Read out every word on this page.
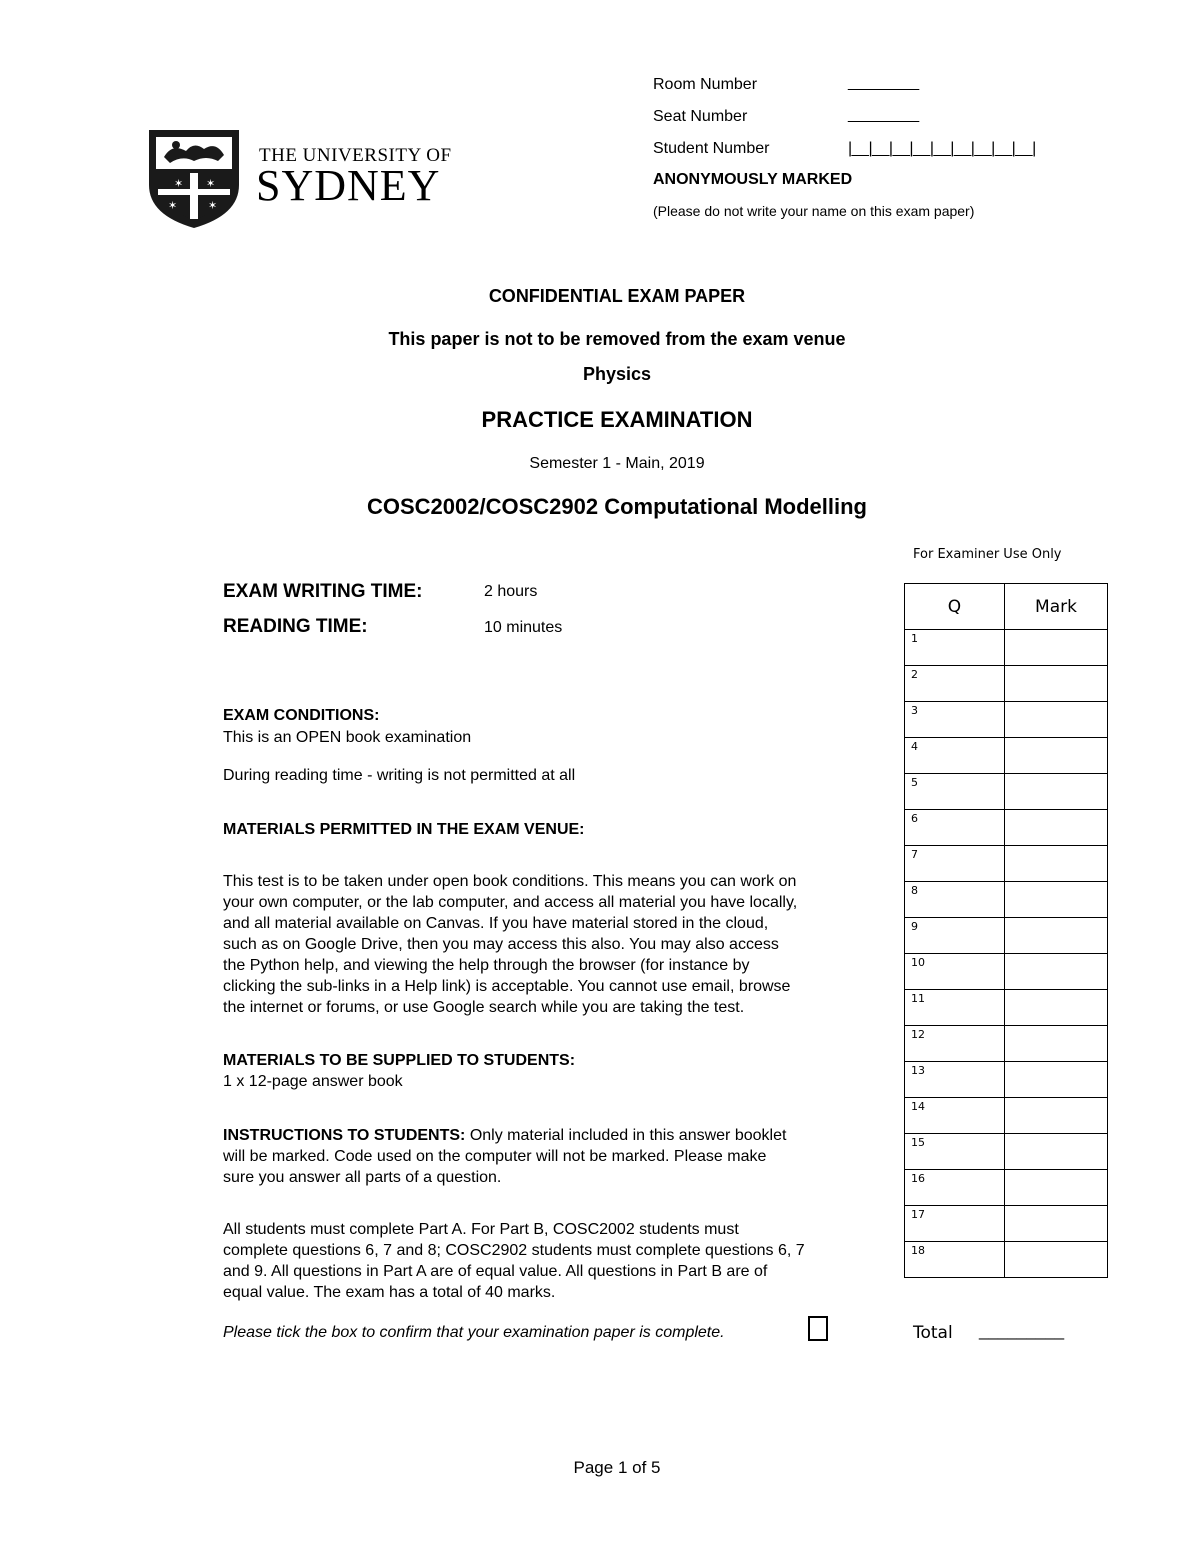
✶ ✶
✶	✶
THE UNIVERSITY OF
SYDNEY
Room Number	________
Seat Number	________
Student Number	|__|__|__|__|__|__|__|__|__|
ANONYMOUSLY MARKED
(Please do not write your name on this exam paper)
CONFIDENTIAL EXAM PAPER
This paper is not to be removed from the exam venue
Physics
PRACTICE EXAMINATION
Semester 1 - Main, 2019
COSC2002/COSC2902 Computational Modelling
EXAM WRITING TIME:	2 hours
READING TIME:	10 minutes
EXAM CONDITIONS:
This is an OPEN book examination
During reading time - writing is not permitted at all
MATERIALS PERMITTED IN THE EXAM VENUE:
This test is to be taken under open book conditions. This means you can work on
your own computer, or the lab computer, and access all material you have locally,
and all material available on Canvas. If you have material stored in the cloud,
such as on Google Drive, then you may access this also. You may also access
the Python help, and viewing the help through the browser (for instance by
clicking the sub-links in a Help link) is acceptable. You cannot use email, browse
the internet or forums, or use Google search while you are taking the test.
MATERIALS TO BE SUPPLIED TO STUDENTS:
1 x 12-page answer book
INSTRUCTIONS TO STUDENTS: Only material included in this answer booklet
will be marked. Code used on the computer will not be marked. Please make
sure you answer all parts of a question.
All students must complete Part A. For Part B, COSC2002 students must
complete questions 6, 7 and 8; COSC2902 students must complete questions 6, 7
and 9. All questions in Part A are of equal value. All questions in Part B are of
equal value. The exam has a total of 40 marks.
Please tick the box to confirm that your examination paper is complete.
For Examiner Use Only
Q	Mark
1	
2	
3	
4	
5	
6	
7	
8	
9	
10	
11	
12	
13	
14	
15	
16	
17	
18	
Total _________
Page 1 of 5
